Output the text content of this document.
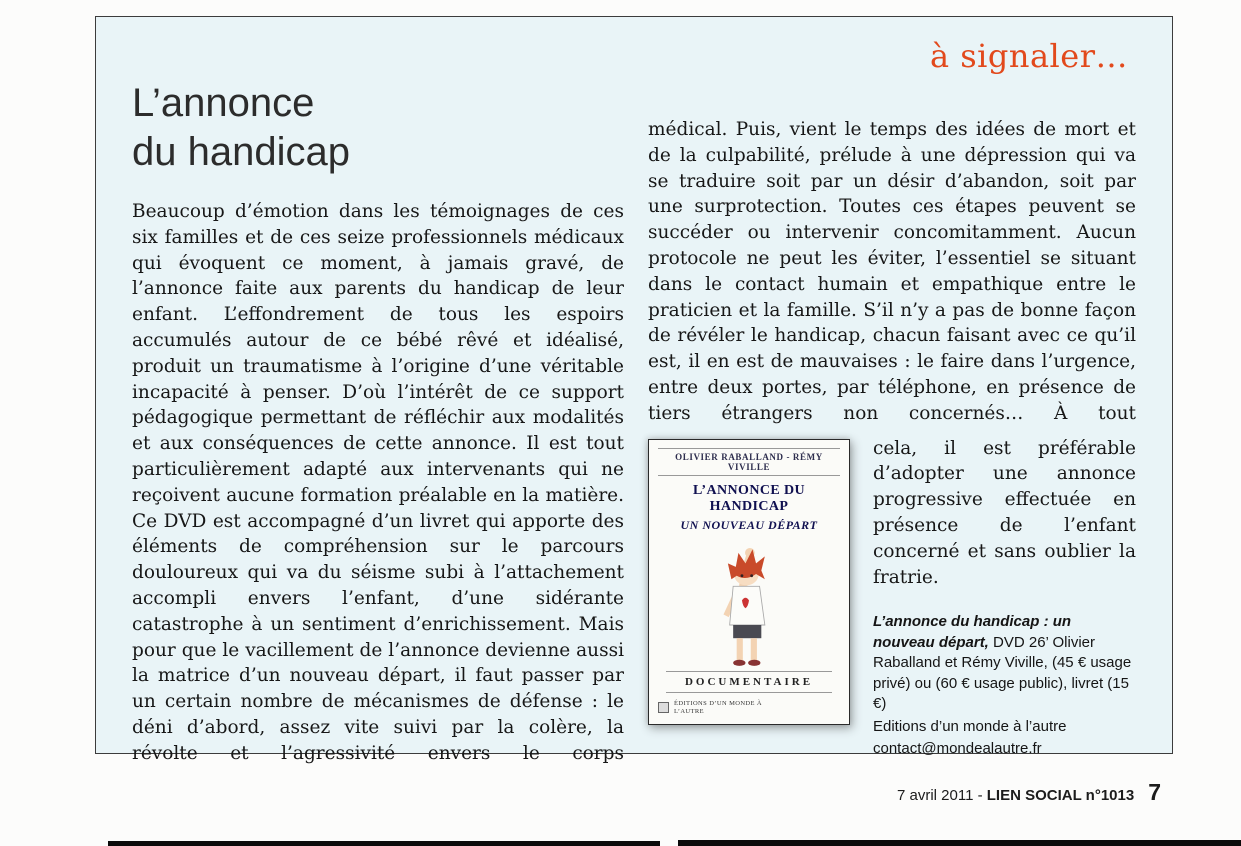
à signaler…
L’annonce
du handicap

Beaucoup d’émotion dans les témoignages de ces six familles et de ces seize professionnels médicaux qui évoquent ce moment, à jamais gravé, de l’annonce faite aux parents du handicap de leur enfant. L’effondrement de tous les espoirs accumulés autour de ce bébé rêvé et idéalisé, produit un traumatisme à l’origine d’une véritable incapacité à penser. D’où l’intérêt de ce support pédagogique permettant de réfléchir aux modalités et aux conséquences de cette annonce. Il est tout particulièrement adapté aux intervenants qui ne reçoivent aucune formation préalable en la matière. Ce DVD est accompagné d’un livret qui apporte des éléments de compréhension sur le parcours douloureux qui va du séisme subi à l’attachement accompli envers l’enfant, d’une sidérante catastrophe à un sentiment d’enrichissement. Mais pour que le vacillement de l’annonce devienne aussi la matrice d’un nouveau départ, il faut passer par un certain nombre de mécanismes de défense : le déni d’abord, assez vite suivi par la colère, la révolte et l’agressivité envers le corps

médical. Puis, vient le temps des idées de mort et de la culpabilité, prélude à une dépression qui va se traduire soit par un désir d’abandon, soit par une surprotection. Toutes ces étapes peuvent se succéder ou intervenir concomitamment. Aucun protocole ne peut les éviter, l’essentiel se situant dans le contact humain et empathique entre le praticien et la famille. S’il n’y a pas de bonne façon de révéler le handicap, chacun faisant avec ce qu’il est, il en est de mauvaises : le faire dans l’urgence, entre deux portes, par téléphone, en présence de tiers étrangers non concernés… À tout

OLIVIER RABALLAND - RÉMY VIVILLE
L’ANNONCE DU HANDICAP
UN NOUVEAU DÉPART
DOCUMENTAIRE
ÉDITIONS D’UN MONDE À L’AUTRE

cela, il est préférable d’adopter une annonce progressive effectuée en présence de l’enfant concerné et sans oublier la fratrie.

L’annonce du handicap : un nouveau départ, DVD 26’ Olivier Raballand et Rémy Viville, (45 € usage privé) ou (60 € usage public), livret (15 €)

Editions d’un monde à l’autre

contact@mondealautre.fr

7 avril 2011 - LIEN SOCIAL n°1013 7
